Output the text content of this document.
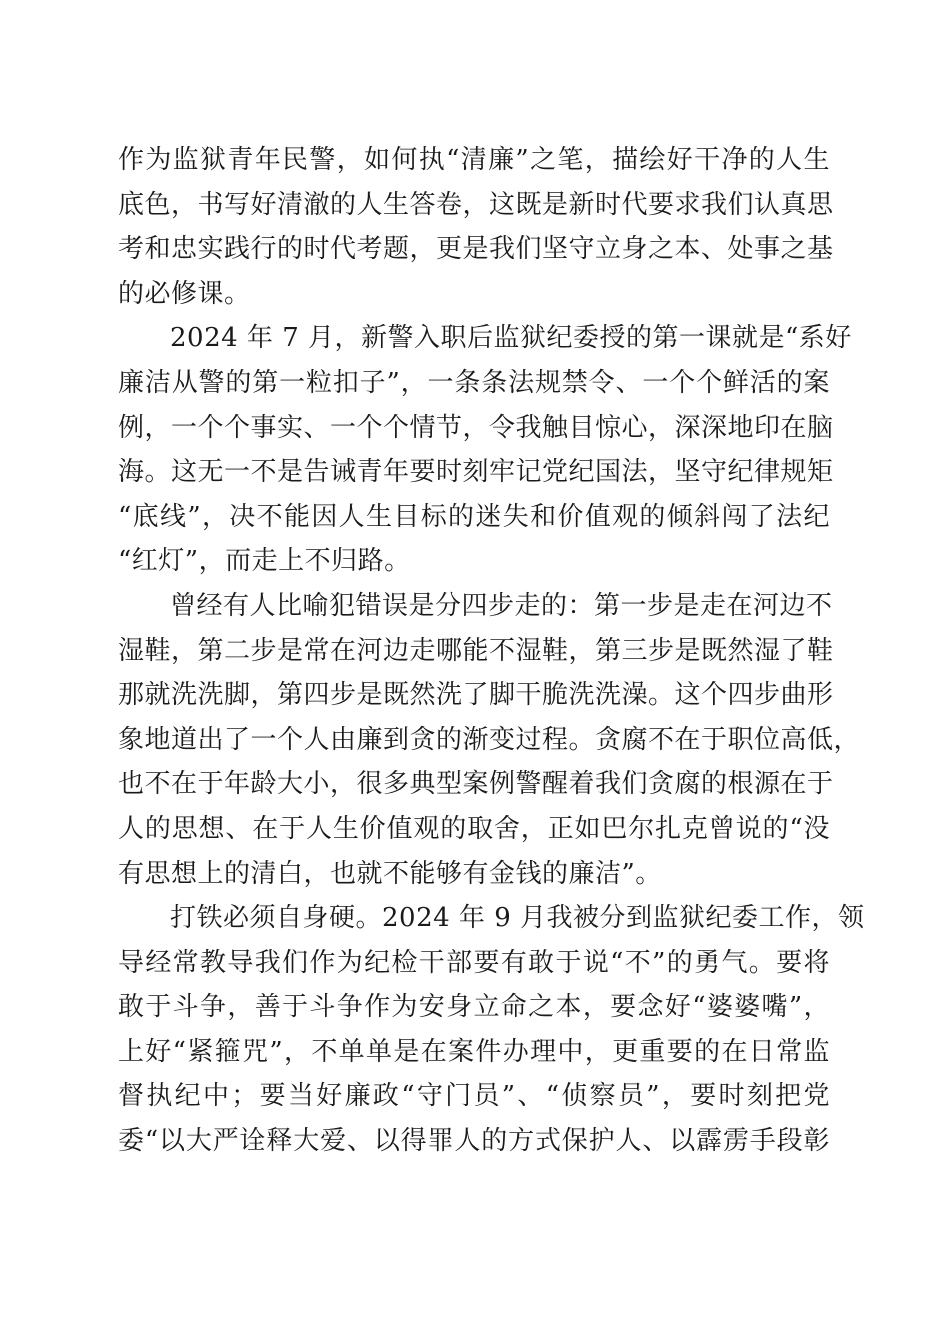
作为监狱青年民警，如何执“清廉”之笔，描绘好干净的人生
底色，书写好清澈的人生答卷，这既是新时代要求我们认真思
考和忠实践行的时代考题，更是我们坚守立身之本、处事之基
的必修课。
2024 年 7 月，新警入职后监狱纪委授的第一课就是“系好
廉洁从警的第一粒扣子”，一条条法规禁令、一个个鲜活的案
例，一个个事实、一个个情节，令我触目惊心，深深地印在脑
海。这无一不是告诫青年要时刻牢记党纪国法，坚守纪律规矩
“底线”，决不能因人生目标的迷失和价值观的倾斜闯了法纪
“红灯”，而走上不归路。
曾经有人比喻犯错误是分四步走的：第一步是走在河边不
湿鞋，第二步是常在河边走哪能不湿鞋，第三步是既然湿了鞋
那就洗洗脚，第四步是既然洗了脚干脆洗洗澡。这个四步曲形
象地道出了一个人由廉到贪的渐变过程。贪腐不在于职位高低，
也不在于年龄大小，很多典型案例警醒着我们贪腐的根源在于
人的思想、在于人生价值观的取舍，正如巴尔扎克曾说的“没
有思想上的清白，也就不能够有金钱的廉洁”。
打铁必须自身硬。2024 年 9 月我被分到监狱纪委工作，领
导经常教导我们作为纪检干部要有敢于说“不”的勇气。要将
敢于斗争，善于斗争作为安身立命之本，要念好“婆婆嘴”，
上好“紧箍咒”，不单单是在案件办理中，更重要的在日常监
督执纪中；要当好廉政“守门员”、“侦察员”，要时刻把党
委“以大严诠释大爱、以得罪人的方式保护人、以霹雳手段彰
